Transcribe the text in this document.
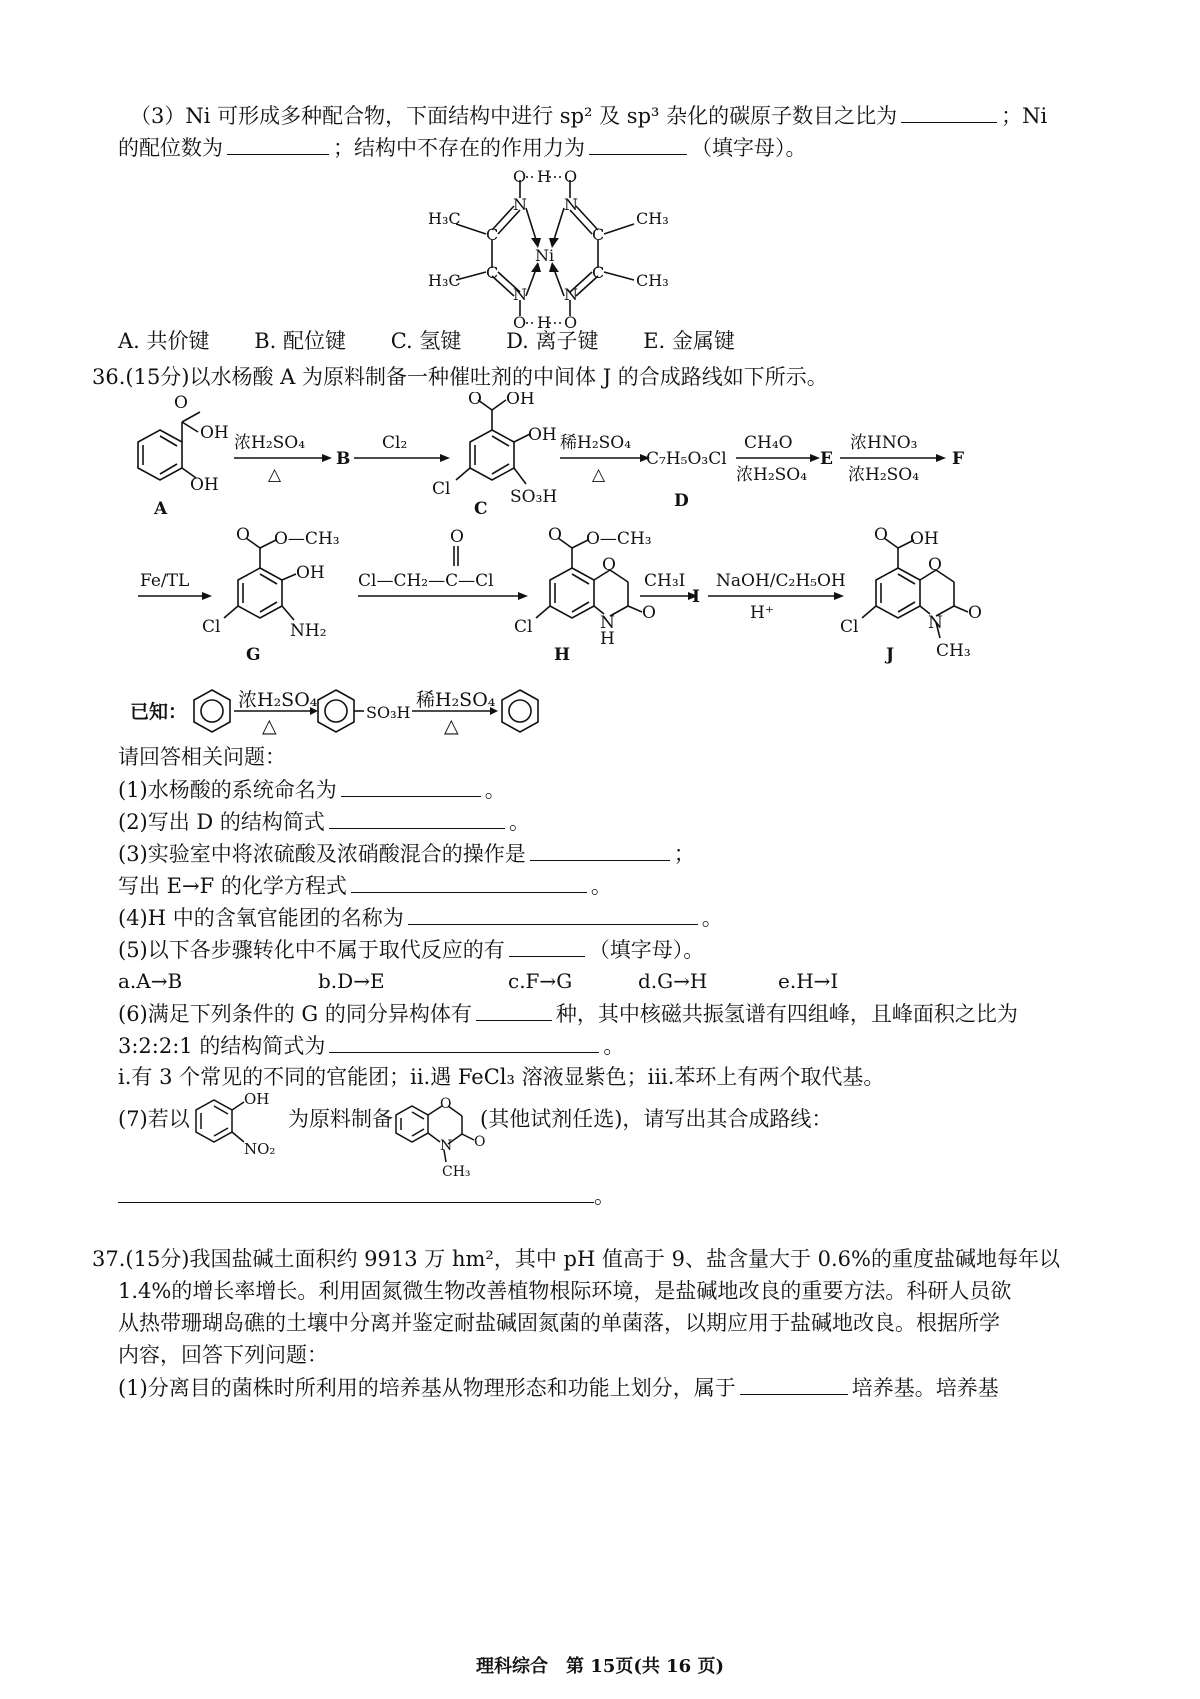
（3）Ni 可形成多种配合物，下面结构中进行 sp² 及 sp³ 杂化的碳原子数目之比为	；Ni
的配位数为	；结构中不存在的作用力为	（填字母）。
O H O
N N
C	C
C	C
Ni
N N
O H O
H₃C	CH₃
H₃C	CH₃
A. 共价键 B. 配位键 C. 氢键 D. 离子键 E. 金属键
36.(15分)以水杨酸 A 为原料制备一种催吐剂的中间体 J 的合成路线如下所示。
O
OH
OH
A
浓H₂SO₄
△
B
Cl₂
O OH
OH
SO₃H
Cl
C
稀H₂SO₄
△
C₇H₅O₃Cl
D
CH₄O
浓H₂SO₄
E
浓HNO₃
浓H₂SO₄
F
Fe/TL
O O—CH₃
OH
NH₂
Cl
G
Cl—CH₂—C—Cl
O	O O—CH₃
O
O
N
H
Cl
H
CH₃I
I
NaOH/C₂H₅OH
H⁺
O OH
O
O
N
CH₃
Cl
J
已知：
浓H₂SO₄
△
SO₃H
稀H₂SO₄
△
请回答相关问题：
(1)水杨酸的系统命名为	。
(2)写出 D 的结构简式	。
(3)实验室中将浓硫酸及浓硝酸混合的操作是	；
写出 E→F 的化学方程式	。
(4)H 中的含氧官能团的名称为	。
(5)以下各步骤转化中不属于取代反应的有	（填字母）。
a.A→B	b.D→E	c.F→G	d.G→H	e.H→I
(6)满足下列条件的 G 的同分异构体有	种，其中核磁共振氢谱有四组峰，且峰面积之比为
3:2:2:1 的结构简式为	。
i.有 3 个常见的不同的官能团；ii.遇 FeCl₃ 溶液显紫色；iii.苯环上有两个取代基。
(7)若以
OH
NO₂
为原料制备
O
O
N
CH₃
(其他试剂任选)，请写出其合成路线：
。
37.(15分)我国盐碱土面积约 9913 万 hm²，其中 pH 值高于 9、盐含量大于 0.6%的重度盐碱地每年以
1.4%的增长率增长。利用固氮微生物改善植物根际环境，是盐碱地改良的重要方法。科研人员欲
从热带珊瑚岛礁的土壤中分离并鉴定耐盐碱固氮菌的单菌落，以期应用于盐碱地改良。根据所学
内容，回答下列问题：
(1)分离目的菌株时所利用的培养基从物理形态和功能上划分，属于	培养基。培养基
理科综合　第 15页(共 16 页)
